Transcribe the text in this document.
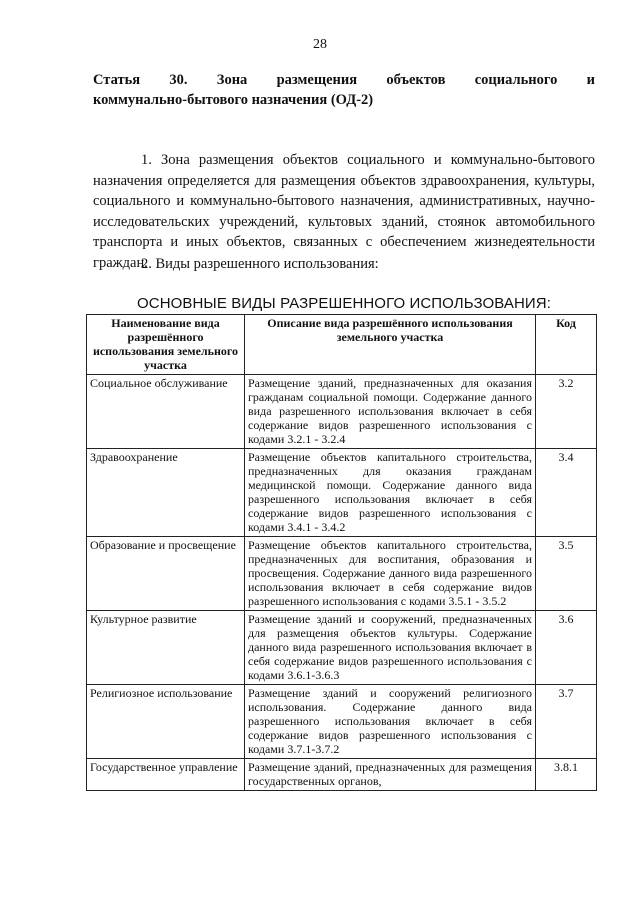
28
Статья 30. Зона размещения объектов социального и
коммунально-бытового назначения (ОД-2)
1. Зона размещения объектов социального и коммунально-бытового назначения определяется для размещения объектов здравоохранения, культуры, социального и коммунально-бытового назначения, административных, научно-исследовательских учреждений, культовых зданий, стоянок автомобильного транспорта и иных объектов, связанных с обеспечением жизнедеятельности граждан.
2. Виды разрешенного использования:
ОСНОВНЫЕ ВИДЫ РАЗРЕШЕННОГО ИСПОЛЬЗОВАНИЯ:
Наименование вида разрешённого использования земельного участка	Описание вида разрешённого использования земельного участка	Код
Социальное обслуживание	Размещение зданий, предназначенных для оказания гражданам социальной помощи. Содержание данного вида разрешенного использования включает в себя содержание видов разрешенного использования с кодами 3.2.1 - 3.2.4	3.2
Здравоохранение	Размещение объектов капитального строительства, предназначенных для оказания гражданам медицинской помощи. Содержание данного вида разрешенного использования включает в себя содержание видов разрешенного использования с кодами 3.4.1 - 3.4.2	3.4
Образование и просвещение	Размещение объектов капитального строительства, предназначенных для воспитания, образования и просвещения. Содержание данного вида разрешенного использования включает в себя содержание видов разрешенного использования с кодами 3.5.1 - 3.5.2	3.5
Культурное развитие	Размещение зданий и сооружений, предназначенных для размещения объектов культуры. Содержание данного вида разрешенного использования включает в себя содержание видов разрешенного использования с кодами 3.6.1-3.6.3	3.6
Религиозное использование	Размещение зданий и сооружений религиозного использования. Содержание данного вида разрешенного использования включает в себя содержание видов разрешенного использования с кодами 3.7.1-3.7.2	3.7
Государственное управление	Размещение зданий, предназначенных для размещения государственных органов,	3.8.1
